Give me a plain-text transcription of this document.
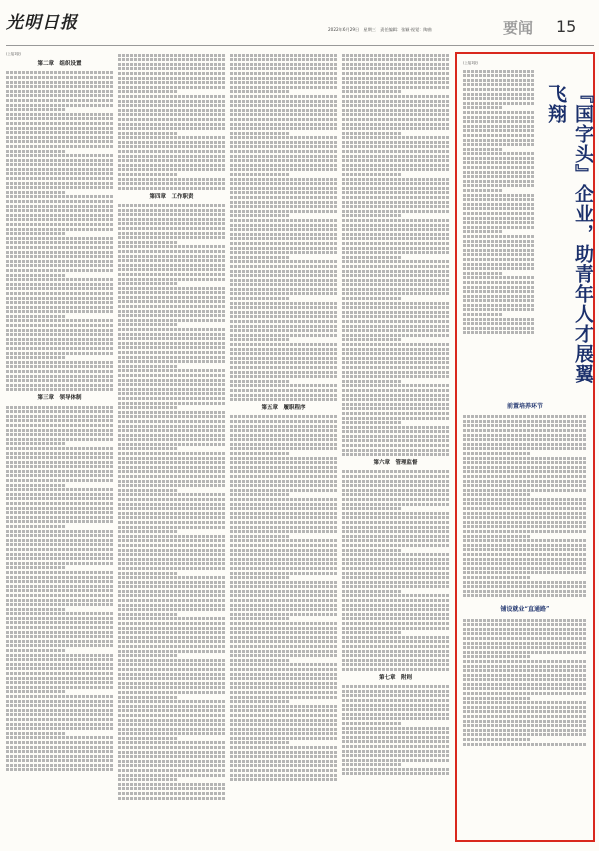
光明日报	2022年6月29日　星期三　责任编辑：张颖·视觉：陶曲	要闻 15
(上接1版)
第二章　组织设置
第三章　领导体制
第四章　工作职责
第五章　履职程序
第六章　管理监督
第七章　附则
(上接1版)
『国字头』企业，助青年人才展翼飞翔
前置培养环节
铺设就业“直通路”
